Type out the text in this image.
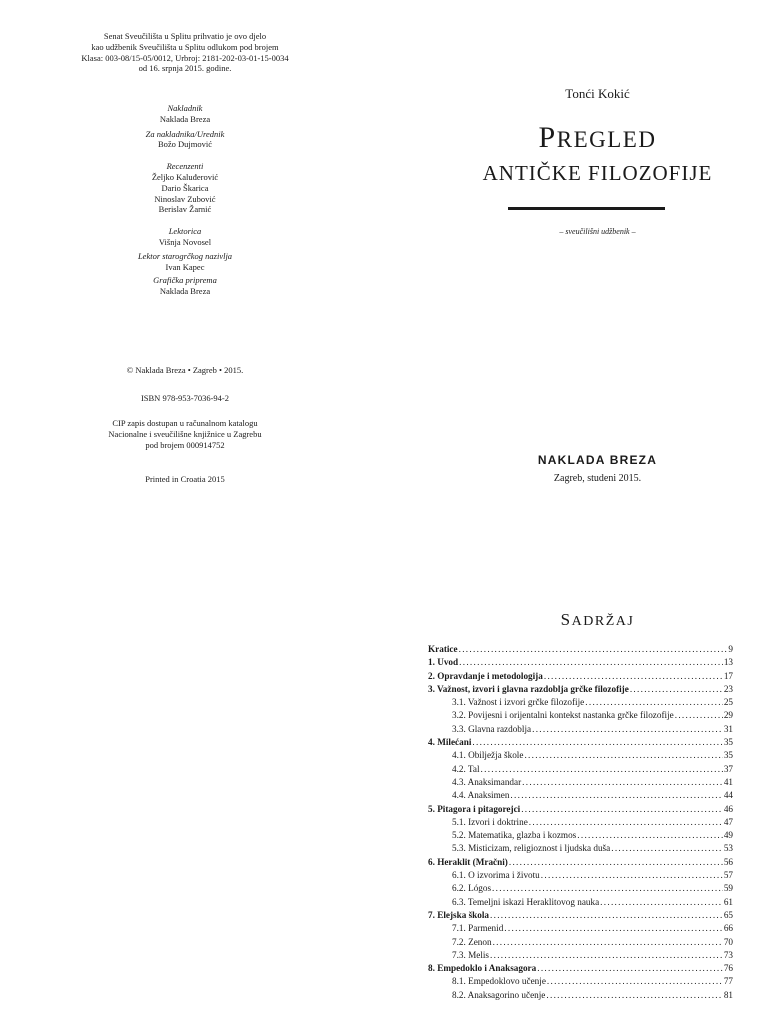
Senat Sveučilišta u Splitu prihvatio je ovo djelo
kao udžbenik Sveučilišta u Splitu odlukom pod brojem
Klasa: 003-08/15-05/0012, Urbroj: 2181-202-03-01-15-0034
od 16. srpnja 2015. godine.

Nakladnik

Naklada Breza

Za nakladnika/Urednik

Božo Dujmović

Recenzenti

Željko Kaluđerović

Dario Škarica

Ninoslav Zubović

Berislav Žarnić

Lektorica

Višnja Novosel

Lektor starogrčkog nazivlja

Ivan Kapec

Grafička priprema

Naklada Breza

© Naklada Breza • Zagreb • 2015.
ISBN 978-953-7036-94-2
CIP zapis dostupan u računalnom katalogu
Nacionalne i sveučilišne knjižnice u Zagrebu
pod brojem 000914752
Printed in Croatia 2015
Tonći Kokić
PREGLED
ANTIČKE FILOZOFIJE
– sveučilišni udžbenik –
NAKLADA BREZA
Zagreb, studeni 2015.
SADRŽAJ
Kratice . . .	9
1. Uvod . . .	13
2. Opravdanje i metodologija . . .	17
3. Važnost, izvori i glavna razdoblja grčke filozofije . . .	23
3.1. Važnost i izvori grčke filozofije . . .	25
3.2. Povijesni i orijentalni kontekst nastanka grčke filozofije . . .	29
3.3. Glavna razdoblja . . .	31
4. Milećani . . .	35
4.1. Obilježja škole . . .	35
4.2. Tal . . .	37
4.3. Anaksimandar . . .	41
4.4. Anaksimen . . .	44
5. Pitagora i pitagorejci . . .	46
5.1. Izvori i doktrine . . .	47
5.2. Matematika, glazba i kozmos . . .	49
5.3. Misticizam, religioznost i ljudska duša . . .	53
6. Heraklit (Mračni) . . .	56
6.1. O izvorima i životu . . .	57
6.2. Lógos . . .	59
6.3. Temeljni iskazi Heraklitovog nauka . . .	61
7. Elejska škola . . .	65
7.1. Parmenid . . .	66
7.2. Zenon . . .	70
7.3. Melis . . .	73
8. Empedoklo i Anaksagora . . .	76
8.1. Empedoklovo učenje . . .	77
8.2. Anaksagorino učenje . . .	81
